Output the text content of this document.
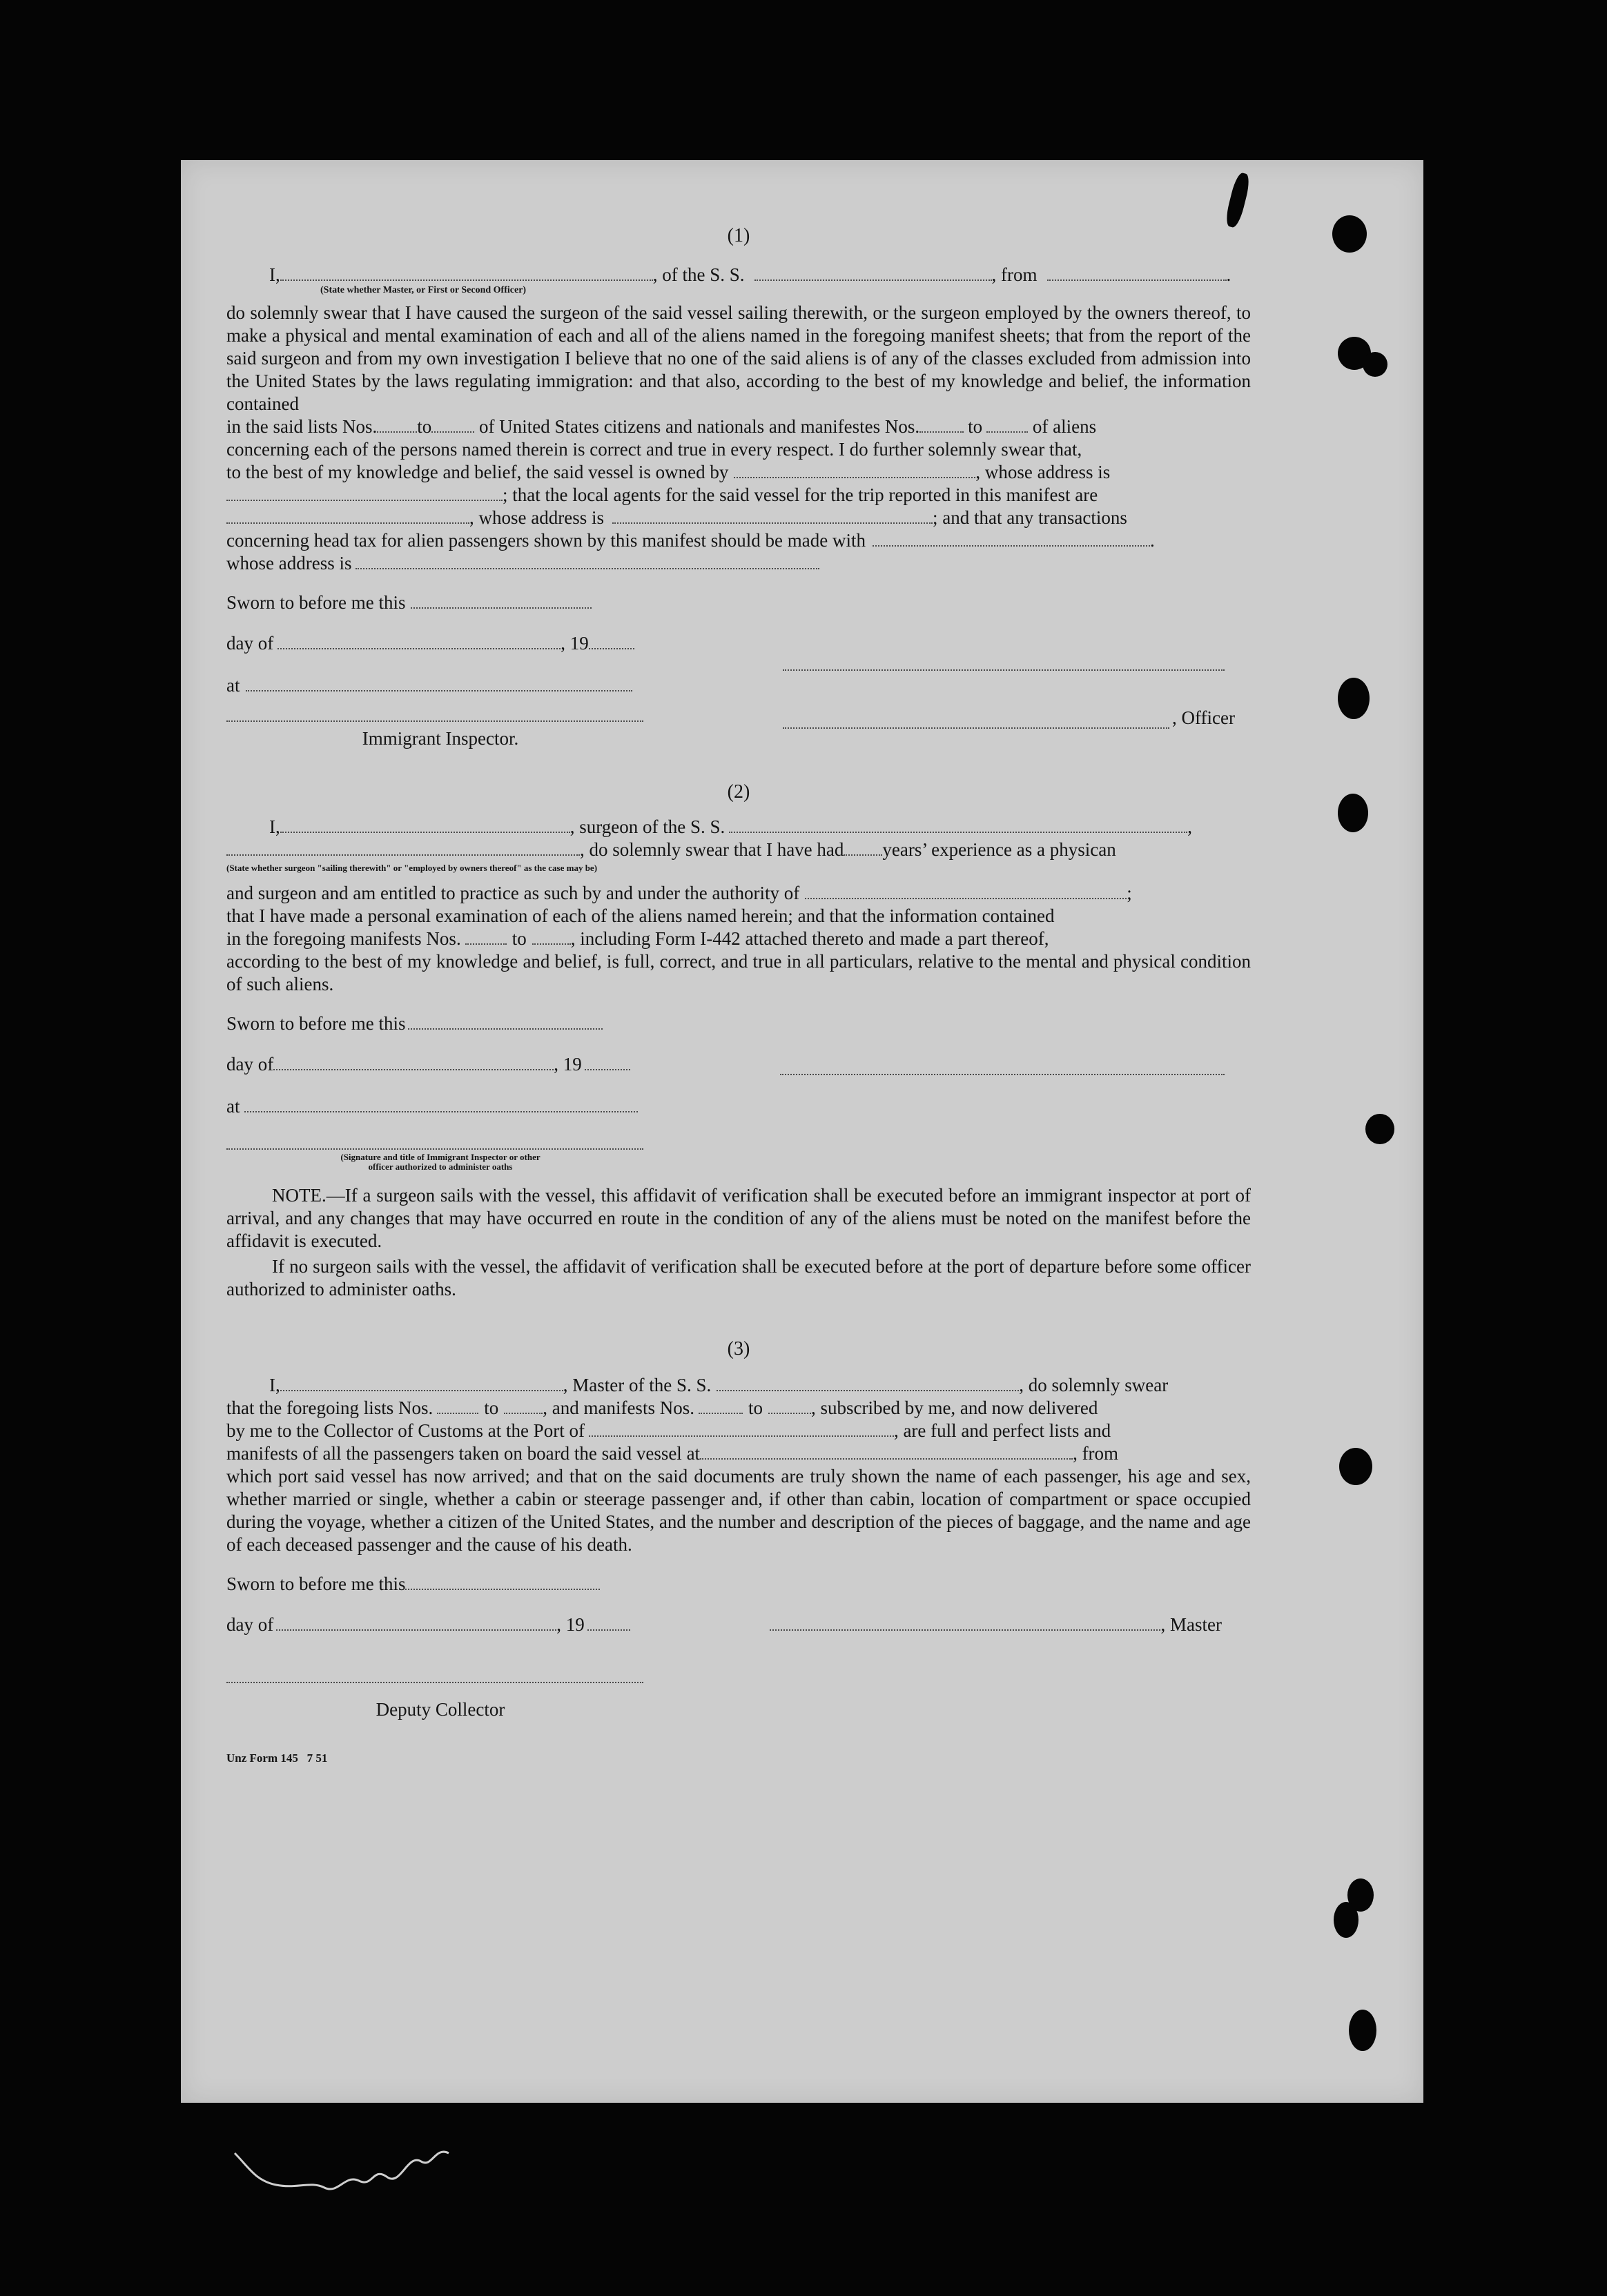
(1)
I,	, of the S. S.	, from	.
(State whether Master, or First or Second Officer)

do solemnly swear that I have caused the surgeon of the said vessel sailing therewith, or the surgeon employed by the owners thereof, to make a physical and mental examination of each and all of the aliens named in the foregoing manifest sheets; that from the report of the said surgeon and from my own investigation I believe that no one of the said aliens is of any of the classes excluded from admission into the United States by the laws regulating immigration: and that also, according to the best of my knowledge and belief, the information contained

in the said lists Nos. to	of United States citizens and nationals and manifestes Nos.	to	of aliens
concerning each of the persons named therein is correct and true in every respect. I do further solemnly swear that,
to the best of my knowledge and belief, the said vessel is owned by	, whose address is
; that the local agents for the said vessel for the trip reported in this manifest are
, whose address is	; and that any transactions
concerning head tax for alien passengers shown by this manifest should be made with	.
whose address is
Sworn to before me this
day of	, 19
at
Immigrant Inspector.
, Officer
(2)
I,	, surgeon of the S. S.	,
, do solemnly swear that I have had years’ experience as a physican
(State whether surgeon "sailing therewith" or "employed by owners thereof" as the case may be)
and surgeon and am entitled to practice as such by and under the authority of	;
that I have made a personal examination of each of the aliens named herein; and that the information contained
in the foregoing manifests Nos.	to , including Form I-442 attached thereto and made a part thereof,

according to the best of my knowledge and belief, is full, correct, and true in all particulars, relative to the mental and physical condition of such aliens.

Sworn to before me this
day of	, 19
at
(Signature and title of Immigrant Inspector or other
officer authorized to administer oaths

NOTE.—If a surgeon sails with the vessel, this affidavit of verification shall be executed before an immigrant inspector at port of arrival, and any changes that may have occurred en route in the condition of any of the aliens must be noted on the manifest before the affidavit is executed.

If no surgeon sails with the vessel, the affidavit of verification shall be executed before at the port of departure before some officer authorized to administer oaths.

(3)
I,	, Master of the S. S.	, do solemnly swear
that the foregoing lists Nos.	to , and manifests Nos.	to	, subscribed by me, and now delivered
by me to the Collector of Customs at the Port of	, are full and perfect lists and
manifests of all the passengers taken on board the said vessel at	, from

which port said vessel has now arrived; and that on the said documents are truly shown the name of each passenger, his age and sex, whether married or single, whether a cabin or steerage passenger and, if other than cabin, location of compartment or space occupied during the voyage, whether a citizen of the United States, and the number and description of the pieces of baggage, and the name and age of each deceased passenger and the cause of his death.

Sworn to before me this
day of	, 19	, Master
Deputy Collector
Unz Form 145   7 51
